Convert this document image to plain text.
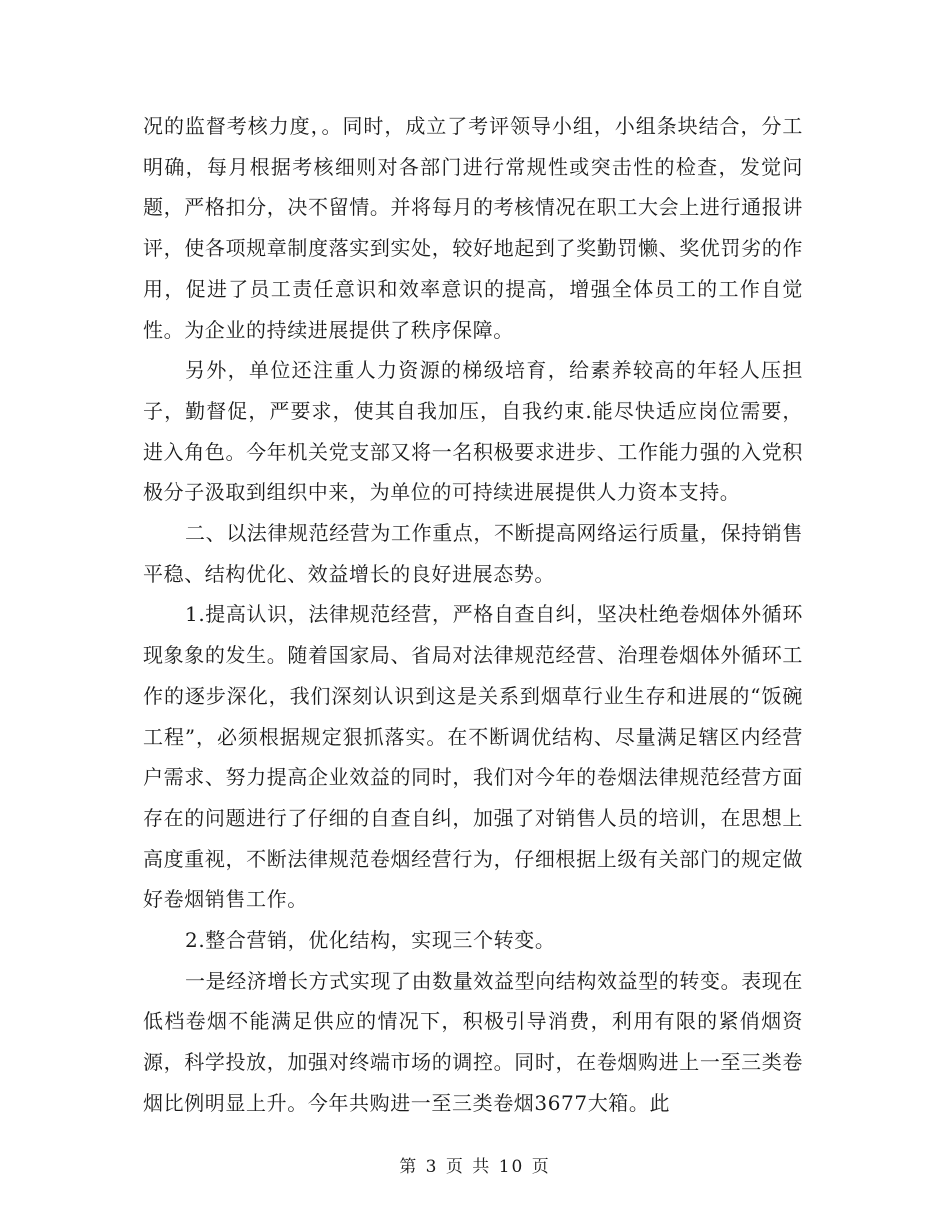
况的监督考核力度，。同时，成立了考评领导小组，小组条块结合，分工明确，每月根据考核细则对各部门进行常规性或突击性的检查，发觉问题，严格扣分，决不留情。并将每月的考核情况在职工大会上进行通报讲评，使各项规章制度落实到实处，较好地起到了奖勤罚懒、奖优罚劣的作用，促进了员工责任意识和效率意识的提高，增强全体员工的工作自觉性。为企业的持续进展提供了秩序保障。

另外，单位还注重人力资源的梯级培育，给素养较高的年轻人压担子，勤督促，严要求，使其自我加压，自我约束.能尽快适应岗位需要，进入角色。今年机关党支部又将一名积极要求进步、工作能力强的入党积极分子汲取到组织中来，为单位的可持续进展提供人力资本支持。

二、以法律规范经营为工作重点，不断提高网络运行质量，保持销售平稳、结构优化、效益增长的良好进展态势。

1.提高认识，法律规范经营，严格自查自纠，坚决杜绝卷烟体外循环现象象的发生。随着国家局、省局对法律规范经营、治理卷烟体外循环工作的逐步深化，我们深刻认识到这是关系到烟草行业生存和进展的“饭碗工程”，必须根据规定狠抓落实。在不断调优结构、尽量满足辖区内经营户需求、努力提高企业效益的同时，我们对今年的卷烟法律规范经营方面存在的问题进行了仔细的自查自纠，加强了对销售人员的培训，在思想上高度重视，不断法律规范卷烟经营行为，仔细根据上级有关部门的规定做好卷烟销售工作。

2.整合营销，优化结构，实现三个转变。

一是经济增长方式实现了由数量效益型向结构效益型的转变。表现在低档卷烟不能满足供应的情况下，积极引导消费，利用有限的紧俏烟资源，科学投放，加强对终端市场的调控。同时，在卷烟购进上一至三类卷烟比例明显上升。今年共购进一至三类卷烟3677大箱。此

第 3 页 共 10 页
